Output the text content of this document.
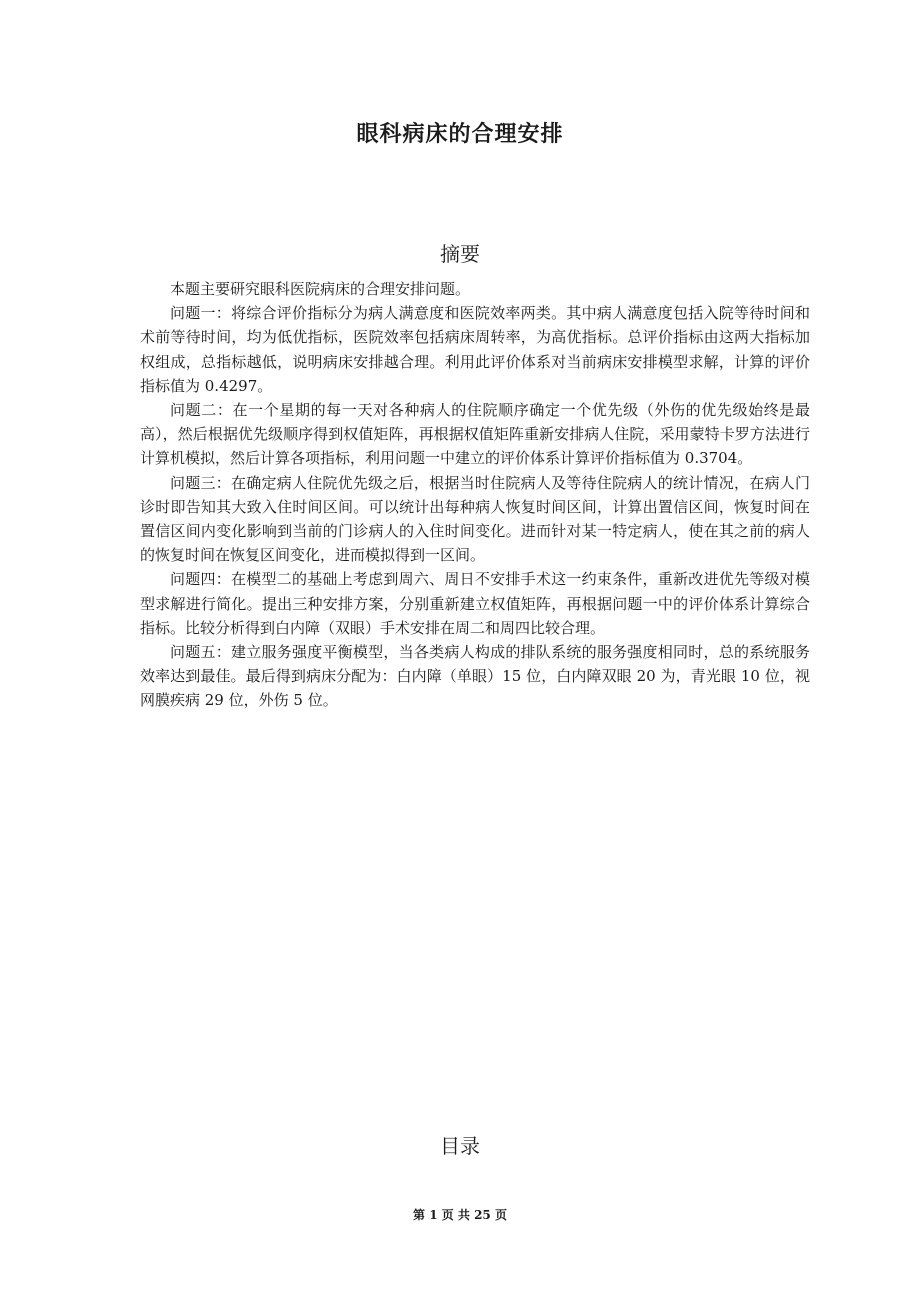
眼科病床的合理安排
摘要

本题主要研究眼科医院病床的合理安排问题。

问题一：将综合评价指标分为病人满意度和医院效率两类。其中病人满意度包括入院等待时间和术前等待时间，均为低优指标，医院效率包括病床周转率，为高优指标。总评价指标由这两大指标加权组成，总指标越低，说明病床安排越合理。利用此评价体系对当前病床安排模型求解，计算的评价指标值为 0.4297。

问题二：在一个星期的每一天对各种病人的住院顺序确定一个优先级（外伤的优先级始终是最高），然后根据优先级顺序得到权值矩阵，再根据权值矩阵重新安排病人住院，采用蒙特卡罗方法进行计算机模拟，然后计算各项指标，利用问题一中建立的评价体系计算评价指标值为 0.3704。

问题三：在确定病人住院优先级之后，根据当时住院病人及等待住院病人的统计情况，在病人门诊时即告知其大致入住时间区间。可以统计出每种病人恢复时间区间，计算出置信区间，恢复时间在置信区间内变化影响到当前的门诊病人的入住时间变化。进而针对某一特定病人，使在其之前的病人的恢复时间在恢复区间变化，进而模拟得到一区间。

问题四：在模型二的基础上考虑到周六、周日不安排手术这一约束条件，重新改进优先等级对模型求解进行简化。提出三种安排方案，分别重新建立权值矩阵，再根据问题一中的评价体系计算综合指标。比较分析得到白内障（双眼）手术安排在周二和周四比较合理。

问题五：建立服务强度平衡模型，当各类病人构成的排队系统的服务强度相同时，总的系统服务效率达到最佳。最后得到病床分配为：白内障（单眼）15 位，白内障双眼 20 为，青光眼 10 位，视网膜疾病 29 位，外伤 5 位。

目录
第 1 页 共 25 页
